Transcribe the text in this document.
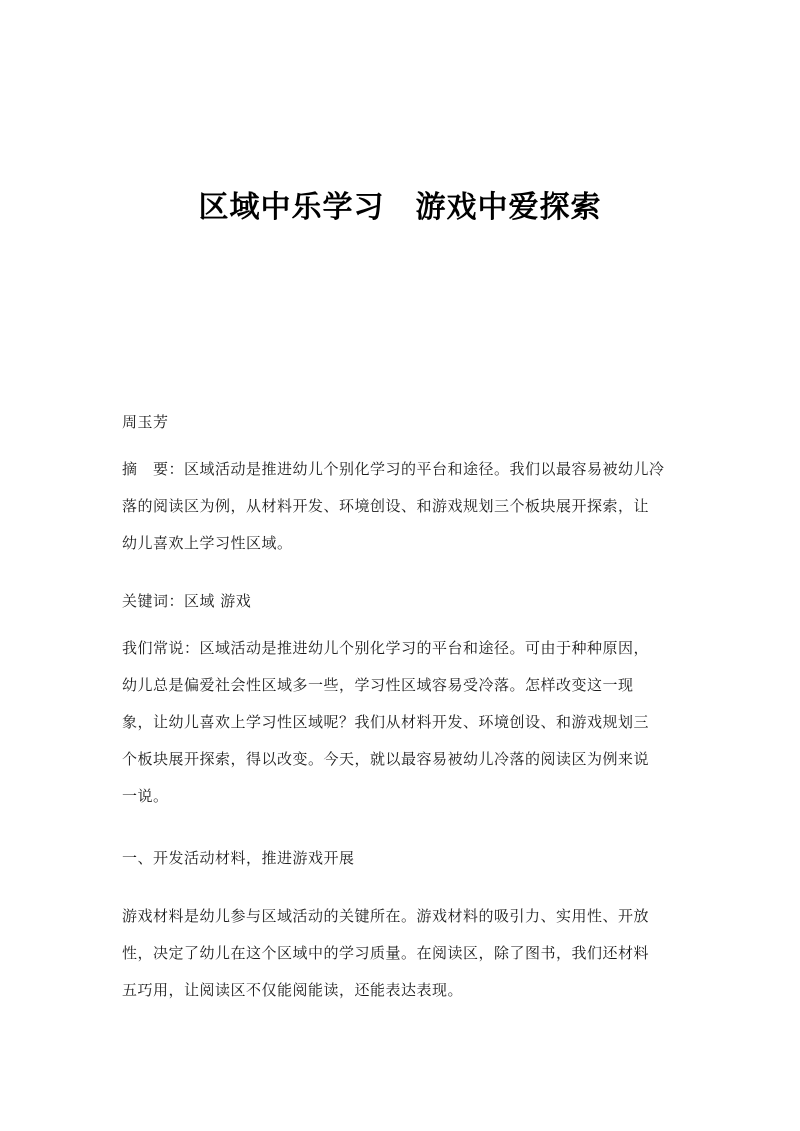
区域中乐学习　游戏中爱探索
周玉芳
摘　要：区域活动是推进幼儿个别化学习的平台和途径。我们以最容易被幼儿冷
落的阅读区为例，从材料开发、环境创设、和游戏规划三个板块展开探索，让
幼儿喜欢上学习性区域。
关键词：区域 游戏
我们常说：区域活动是推进幼儿个别化学习的平台和途径。可由于种种原因，
幼儿总是偏爱社会性区域多一些，学习性区域容易受冷落。怎样改变这一现
象，让幼儿喜欢上学习性区域呢？我们从材料开发、环境创设、和游戏规划三
个板块展开探索，得以改变。今天，就以最容易被幼儿冷落的阅读区为例来说
一说。
一、开发活动材料，推进游戏开展
游戏材料是幼儿参与区域活动的关键所在。游戏材料的吸引力、实用性、开放
性，决定了幼儿在这个区域中的学习质量。在阅读区，除了图书，我们还材料
五巧用，让阅读区不仅能阅能读，还能表达表现。
